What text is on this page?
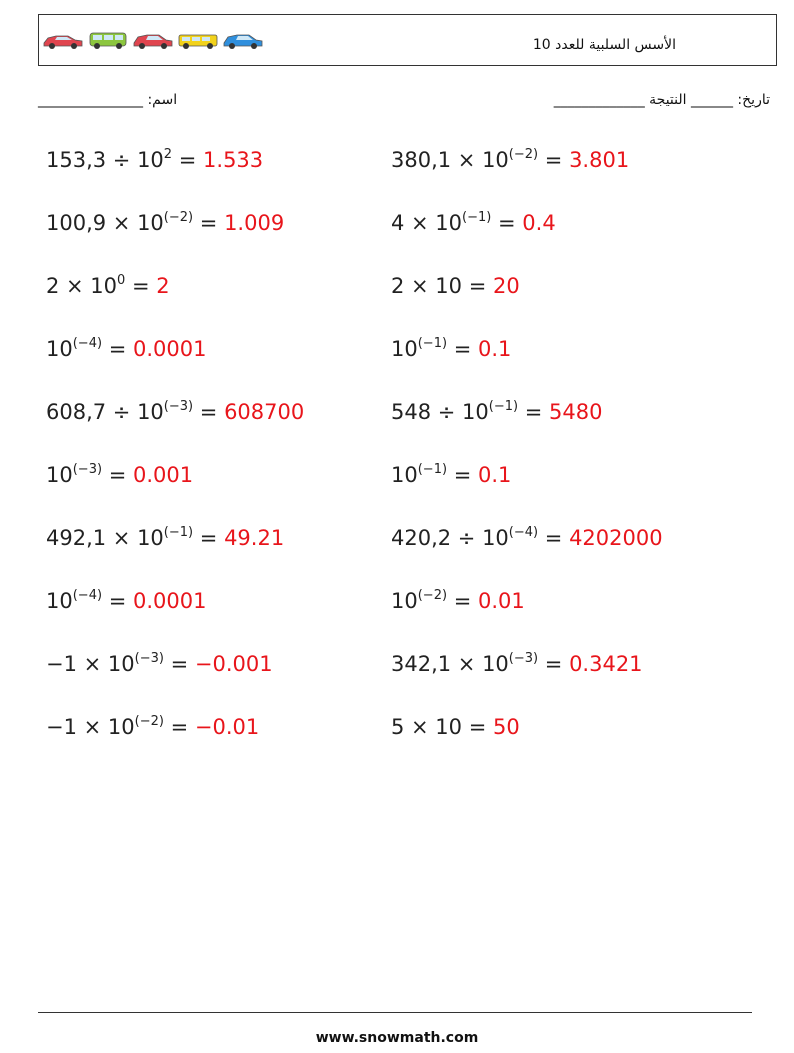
الأسس السلبية للعدد 10
اسم: _______________	تاريخ: ______ النتيجة _____________
$153,3 \div 10^2 = 1.533$	$380,1 \times 10^{(-2)} = 3.801$
$100,9 \times 10^{(-2)} = 1.009$	$4 \times 10^{(-1)} = 0.4$
$2 \times 10^0 = 2$	2 × 10 = 20
$10^{(-4)} = 0.0001$	$10^{(-1)} = 0.1$
$608,7 \div 10^{(-3)} = 608700$	$548 \div 10^{(-1)} = 5480$
$10^{(-3)} = 0.001$	$10^{(-1)} = 0.1$
$492,1 \times 10^{(-1)} = 49.21$	$420,2 \div 10^{(-4)} = 4202000$
$10^{(-4)} = 0.0001$	$10^{(-2)} = 0.01$
$-1 \times 10^{(-3)} = -0.001$	$342,1 \times 10^{(-3)} = 0.3421$
$-1 \times 10^{(-2)} = -0.01$	5 × 10 = 50
www.snowmath.com
